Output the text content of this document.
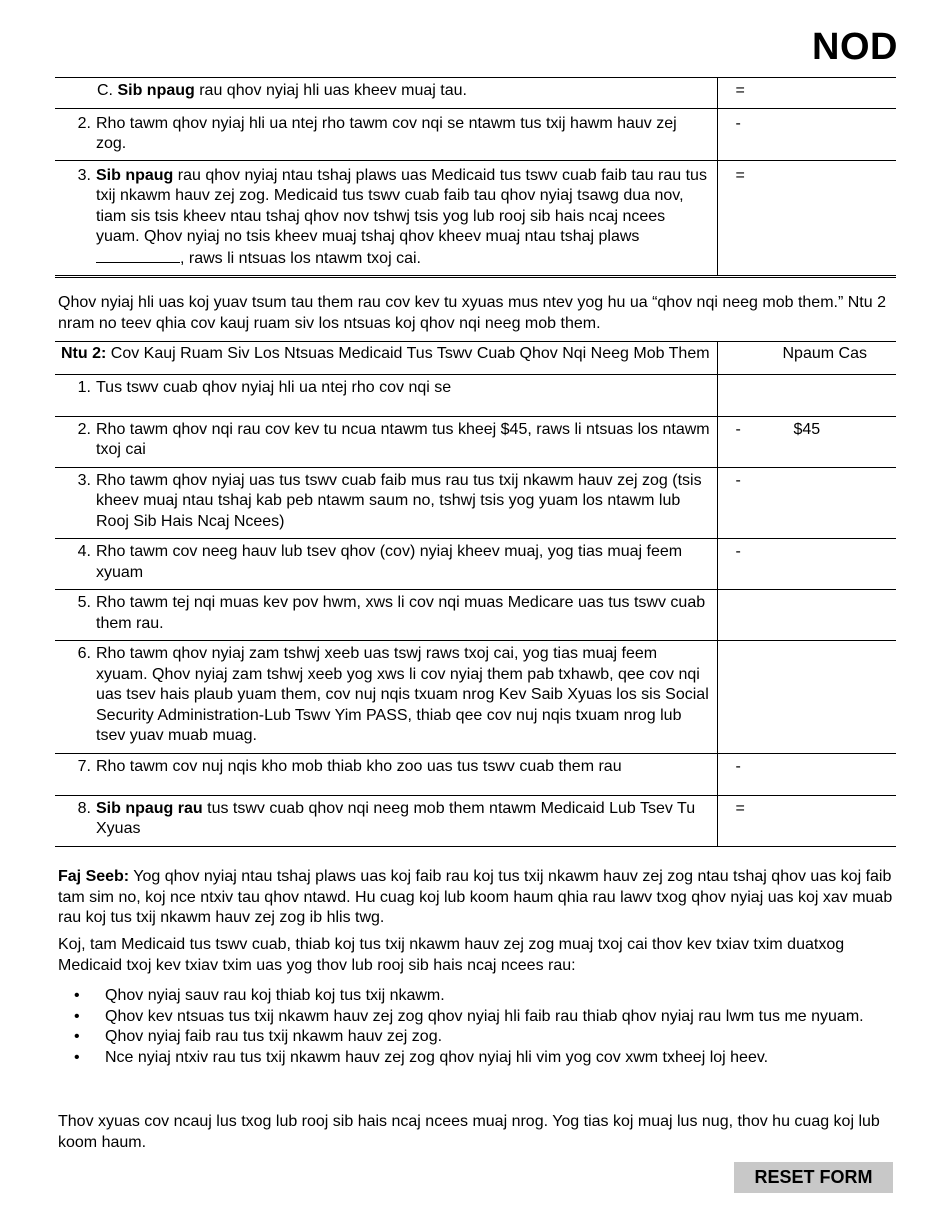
NOD
C. Sib npaug rau qhov nyiaj hli uas kheev muaj tau.	=

2. Rho tawm qhov nyiaj hli ua ntej rho tawm cov nqi se ntawm tus txij hawm hauv zej zog.	-

3. Sib npaug rau qhov nyiaj ntau tshaj plaws uas Medicaid tus tswv cuab faib tau rau tus txij nkawm hauv zej zog. Medicaid tus tswv cuab faib tau qhov nyiaj tsawg dua nov, tiam sis tsis kheev ntau tshaj qhov nov tshwj tsis yog lub rooj sib hais ncaj ncees yuam. Qhov nyiaj no tsis kheev muaj tshaj qhov kheev muaj ntau tshaj plaws , raws li ntsuas los ntawm txoj cai.	=
Qhov nyiaj hli uas koj yuav tsum tau them rau cov kev tu xyuas mus ntev yog hu ua “qhov nqi neeg mob them.” Ntu 2 nram no teev qhia cov kauj ruam siv los ntsuas koj qhov nqi neeg mob them.
Ntu 2: Cov Kauj Ruam Siv Los Ntsuas Medicaid Tus Tswv Cuab Qhov Nqi Neeg Mob Them	Npaum Cas

1. Tus tswv cuab qhov nyiaj hli ua ntej rho cov nqi se	

2. Rho tawm qhov nqi rau cov kev tu ncua ntawm tus kheej $45, raws li ntsuas los ntawm txoj cai	- $45

3. Rho tawm qhov nyiaj uas tus tswv cuab faib mus rau tus txij nkawm hauv zej zog (tsis kheev muaj ntau tshaj kab peb ntawm saum no, tshwj tsis yog yuam los ntawm lub Rooj Sib Hais Ncaj Ncees)	-

4. Rho tawm cov neeg hauv lub tsev qhov (cov) nyiaj kheev muaj, yog tias muaj feem xyuam	-

5. Rho tawm tej nqi muas kev pov hwm, xws li cov nqi muas Medicare uas tus tswv cuab them rau.	

6. Rho tawm qhov nyiaj zam tshwj xeeb uas tswj raws txoj cai, yog tias muaj feem xyuam. Qhov nyiaj zam tshwj xeeb yog xws li cov nyiaj them pab txhawb, qee cov nqi uas tsev hais plaub yuam them, cov nuj nqis txuam nrog Kev Saib Xyuas los sis Social Security Administration-Lub Tswv Yim PASS, thiab qee cov nuj nqis txuam nrog lub tsev yuav muab muag.	

7. Rho tawm cov nuj nqis kho mob thiab kho zoo uas tus tswv cuab them rau	-

8. Sib npaug rau tus tswv cuab qhov nqi neeg mob them ntawm Medicaid Lub Tsev Tu Xyuas	=
Faj Seeb: Yog qhov nyiaj ntau tshaj plaws uas koj faib rau koj tus txij nkawm hauv zej zog ntau tshaj qhov uas koj faib tam sim no, koj nce ntxiv tau qhov ntawd. Hu cuag koj lub koom haum qhia rau lawv txog qhov nyiaj uas koj xav muab rau koj tus txij nkawm hauv zej zog ib hlis twg.
Koj, tam Medicaid tus tswv cuab, thiab koj tus txij nkawm hauv zej zog muaj txoj cai thov kev txiav txim duatxog Medicaid txoj kev txiav txim uas yog thov lub rooj sib hais ncaj ncees rau:
• Qhov nyiaj sauv rau koj thiab koj tus txij nkawm.
• Qhov kev ntsuas tus txij nkawm hauv zej zog qhov nyiaj hli faib rau thiab qhov nyiaj rau lwm tus me nyuam.
• Qhov nyiaj faib rau tus txij nkawm hauv zej zog.
• Nce nyiaj ntxiv rau tus txij nkawm hauv zej zog qhov nyiaj hli vim yog cov xwm txheej loj heev.
Thov xyuas cov ncauj lus txog lub rooj sib hais ncaj ncees muaj nrog. Yog tias koj muaj lus nug, thov hu cuag koj lub koom haum.
RESET FORM
